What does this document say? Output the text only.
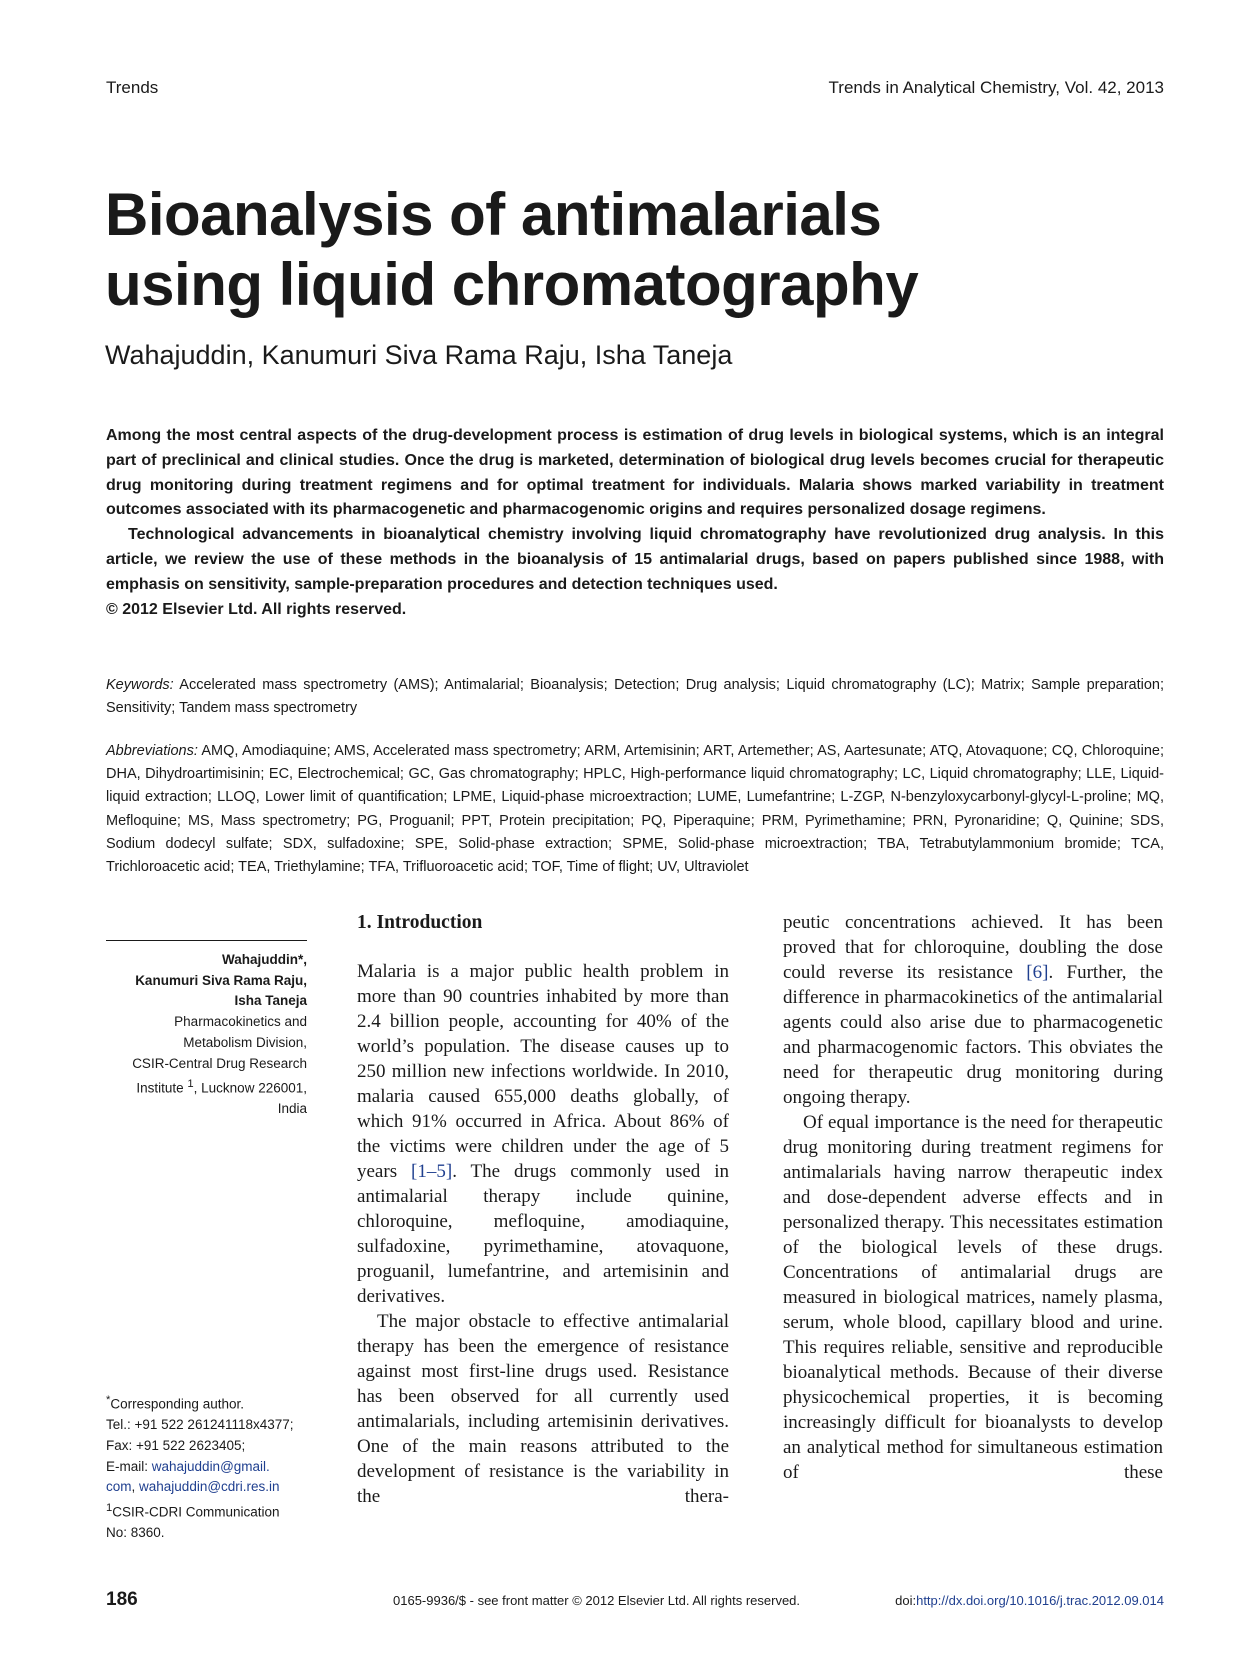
Trends	Trends in Analytical Chemistry, Vol. 42, 2013
Bioanalysis of antimalarials
using liquid chromatography
Wahajuddin, Kanumuri Siva Rama Raju, Isha Taneja

Among the most central aspects of the drug-development process is estimation of drug levels in biological systems, which is an integral part of preclinical and clinical studies. Once the drug is marketed, determination of biological drug levels becomes crucial for therapeutic drug monitoring during treatment regimens and for optimal treatment for individuals. Malaria shows marked variability in treatment outcomes associated with its pharmacogenetic and pharmacogenomic origins and requires personalized dosage regimens.

Technological advancements in bioanalytical chemistry involving liquid chromatography have revolutionized drug analysis. In this article, we review the use of these methods in the bioanalysis of 15 antimalarial drugs, based on papers published since 1988, with emphasis on sensitivity, sample-preparation procedures and detection techniques used.

© 2012 Elsevier Ltd. All rights reserved.

Keywords: Accelerated mass spectrometry (AMS); Antimalarial; Bioanalysis; Detection; Drug analysis; Liquid chromatography (LC); Matrix; Sample preparation; Sensitivity; Tandem mass spectrometry
Abbreviations: AMQ, Amodiaquine; AMS, Accelerated mass spectrometry; ARM, Artemisinin; ART, Artemether; AS, Aartesunate; ATQ, Atovaquone; CQ, Chloroquine; DHA, Dihydroartimisinin; EC, Electrochemical; GC, Gas chromatography; HPLC, High-performance liquid chromatography; LC, Liquid chromatography; LLE, Liquid-liquid extraction; LLOQ, Lower limit of quantification; LPME, Liquid-phase microextraction; LUME, Lumefantrine; L-ZGP, N-benzyloxycarbonyl-glycyl-L-proline; MQ, Mefloquine; MS, Mass spectrometry; PG, Proguanil; PPT, Protein precipitation; PQ, Piperaquine; PRM, Pyrimethamine; PRN, Pyronaridine; Q, Quinine; SDS, Sodium dodecyl sulfate; SDX, sulfadoxine; SPE, Solid-phase extraction; SPME, Solid-phase microextraction; TBA, Tetrabutylammonium bromide; TCA, Trichloroacetic acid; TEA, Triethylamine; TFA, Trifluoroacetic acid; TOF, Time of flight; UV, Ultraviolet
Wahajuddin*,
Kanumuri Siva Rama Raju,
Isha Taneja
Pharmacokinetics and
Metabolism Division,
CSIR-Central Drug Research
Institute $^1$, Lucknow 226001,
India
*Corresponding author.
Tel.: +91 522 261241118x4377;
Fax: +91 522 2623405;
E-mail: wahajuddin@gmail.
com, wahajuddin@cdri.res.in
$^1$CSIR-CDRI Communication
No: 8360.
1. Introduction

Malaria is a major public health problem in more than 90 countries inhabited by more than 2.4 billion people, accounting for 40% of the world’s population. The disease causes up to 250 million new infections worldwide. In 2010, malaria caused 655,000 deaths globally, of which 91% occurred in Africa. About 86% of the victims were children under the age of 5 years [1–5]. The drugs commonly used in antimalarial therapy include quinine, chloroquine, mefloquine, amodiaquine, sulfadoxine, pyrimethamine, atovaquone, proguanil, lumefantrine, and artemisinin and derivatives.

The major obstacle to effective antimalarial therapy has been the emergence of resistance against most first-line drugs used. Resistance has been observed for all currently used antimalarials, including artemisinin derivatives. One of the main reasons attributed to the development of resistance is the variability in the thera-

peutic concentrations achieved. It has been proved that for chloroquine, doubling the dose could reverse its resistance [6]. Further, the difference in pharmacokinetics of the antimalarial agents could also arise due to pharmacogenetic and pharmacogenomic factors. This obviates the need for therapeutic drug monitoring during ongoing therapy.

Of equal importance is the need for therapeutic drug monitoring during treatment regimens for antimalarials having narrow therapeutic index and dose-dependent adverse effects and in personalized therapy. This necessitates estimation of the biological levels of these drugs. Concentrations of antimalarial drugs are measured in biological matrices, namely plasma, serum, whole blood, capillary blood and urine. This requires reliable, sensitive and reproducible bioanalytical methods. Because of their diverse physicochemical properties, it is becoming increasingly difficult for bioanalysts to develop an analytical method for simultaneous estimation of these

186	0165-9936/$ - see front matter © 2012 Elsevier Ltd. All rights reserved.	doi:http://dx.doi.org/10.1016/j.trac.2012.09.014
